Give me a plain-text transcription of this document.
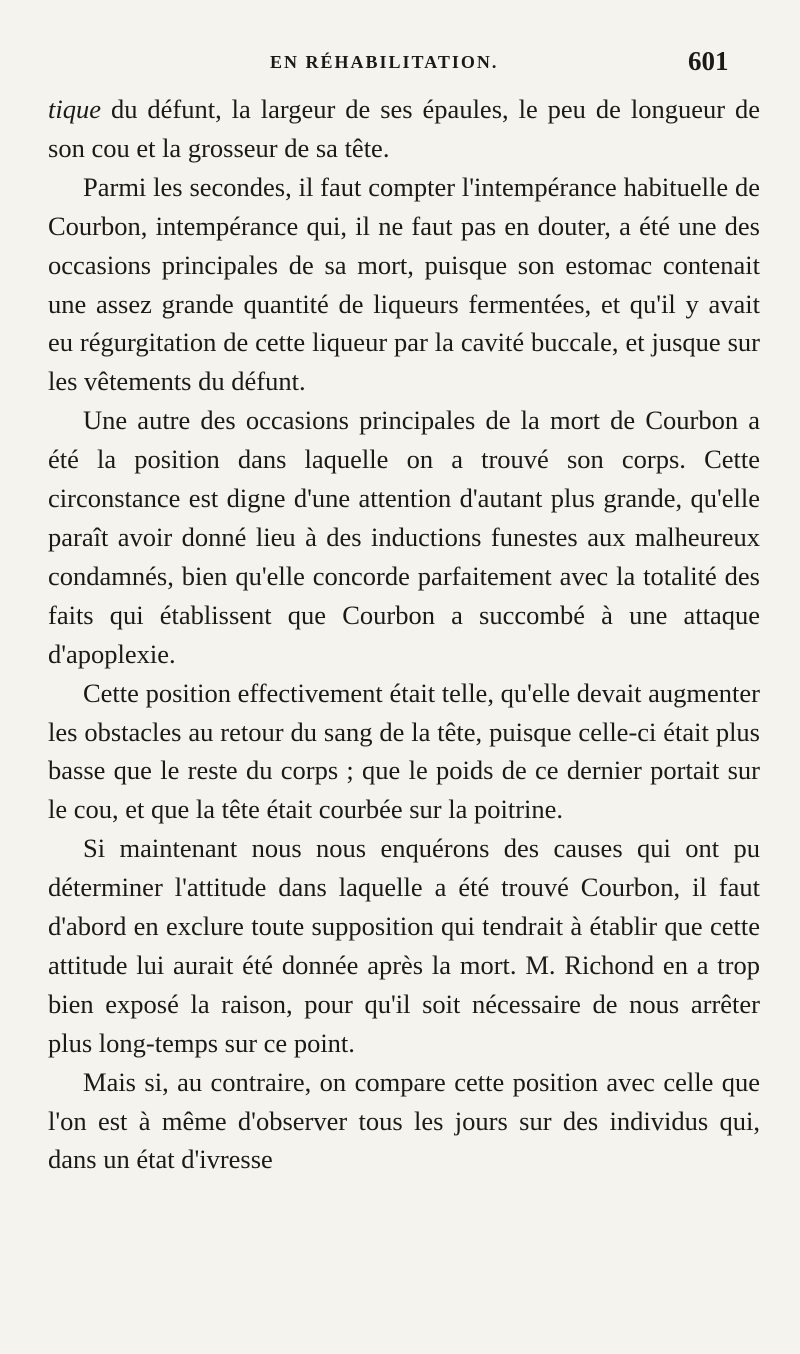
EN RÉHABILITATION.	601

tique du défunt, la largeur de ses épaules, le peu de longueur de son cou et la grosseur de sa tête.

Parmi les secondes, il faut compter l'intempérance habituelle de Courbon, intempérance qui, il ne faut pas en douter, a été une des occasions principales de sa mort, puisque son estomac contenait une assez grande quantité de liqueurs fermentées, et qu'il y avait eu régurgitation de cette liqueur par la cavité buccale, et jusque sur les vêtements du défunt.

Une autre des occasions principales de la mort de Courbon a été la position dans laquelle on a trouvé son corps. Cette circonstance est digne d'une attention d'autant plus grande, qu'elle paraît avoir donné lieu à des inductions funestes aux malheureux condamnés, bien qu'elle concorde parfaitement avec la totalité des faits qui établissent que Courbon a succombé à une attaque d'apoplexie.

Cette position effectivement était telle, qu'elle devait augmenter les obstacles au retour du sang de la tête, puisque celle-ci était plus basse que le reste du corps ; que le poids de ce dernier portait sur le cou, et que la tête était courbée sur la poitrine.

Si maintenant nous nous enquérons des causes qui ont pu déterminer l'attitude dans laquelle a été trouvé Courbon, il faut d'abord en exclure toute supposition qui tendrait à établir que cette attitude lui aurait été donnée après la mort. M. Richond en a trop bien exposé la raison, pour qu'il soit nécessaire de nous arrêter plus long-temps sur ce point.

Mais si, au contraire, on compare cette position avec celle que l'on est à même d'observer tous les jours sur des individus qui, dans un état d'ivresse
